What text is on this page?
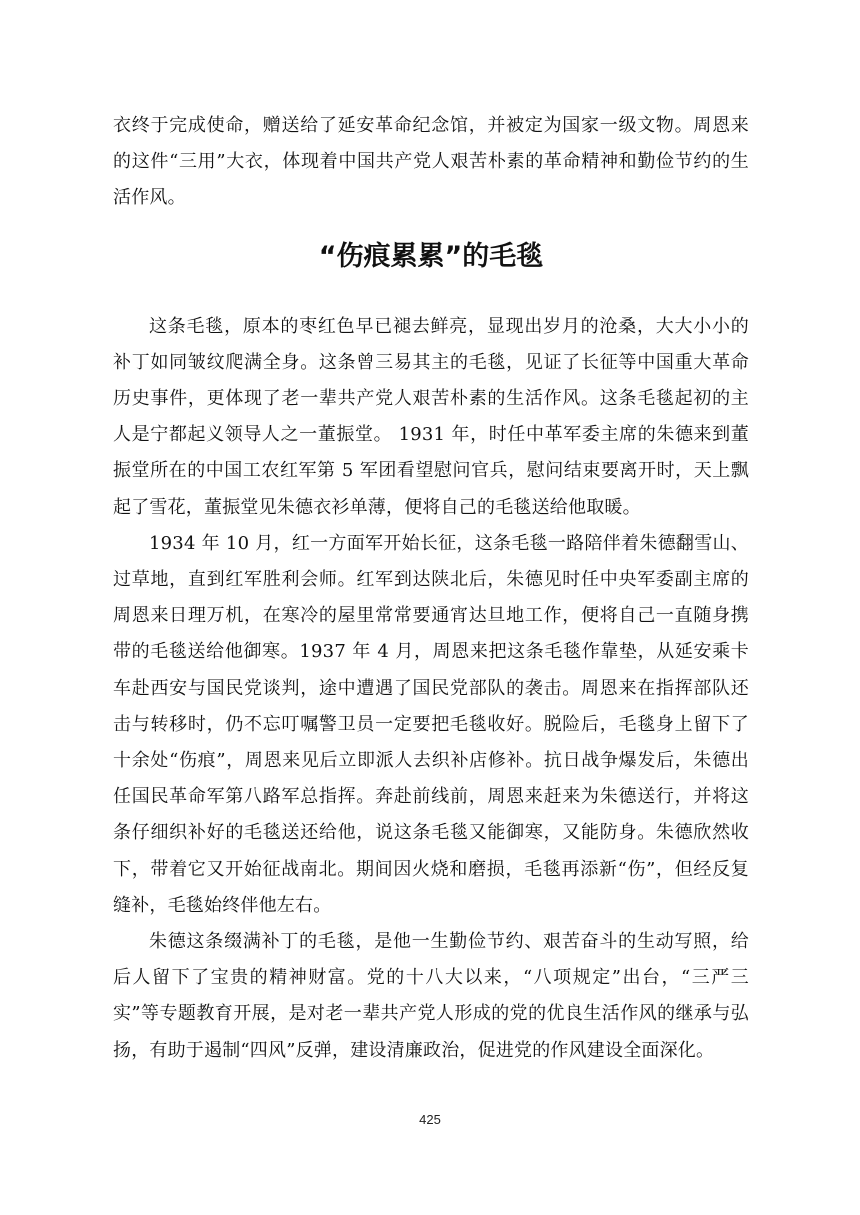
衣终于完成使命，赠送给了延安革命纪念馆，并被定为国家一级文物。周恩来的这件“三用”大衣，体现着中国共产党人艰苦朴素的革命精神和勤俭节约的生活作风。

“伤痕累累”的毛毯

这条毛毯，原本的枣红色早已褪去鲜亮，显现出岁月的沧桑，大大小小的补丁如同皱纹爬满全身。这条曾三易其主的毛毯，见证了长征等中国重大革命历史事件，更体现了老一辈共产党人艰苦朴素的生活作风。这条毛毯起初的主人是宁都起义领导人之一董振堂。 1931 年，时任中革军委主席的朱德来到董振堂所在的中国工农红军第 5 军团看望慰问官兵，慰问结束要离开时，天上飘起了雪花，董振堂见朱德衣衫单薄，便将自己的毛毯送给他取暖。

1934 年 10 月，红一方面军开始长征，这条毛毯一路陪伴着朱德翻雪山、过草地，直到红军胜利会师。红军到达陕北后，朱德见时任中央军委副主席的周恩来日理万机，在寒冷的屋里常常要通宵达旦地工作，便将自己一直随身携带的毛毯送给他御寒。1937 年 4 月，周恩来把这条毛毯作靠垫，从延安乘卡车赴西安与国民党谈判，途中遭遇了国民党部队的袭击。周恩来在指挥部队还击与转移时，仍不忘叮嘱警卫员一定要把毛毯收好。脱险后，毛毯身上留下了十余处“伤痕”，周恩来见后立即派人去织补店修补。抗日战争爆发后，朱德出任国民革命军第八路军总指挥。奔赴前线前，周恩来赶来为朱德送行，并将这条仔细织补好的毛毯送还给他，说这条毛毯又能御寒，又能防身。朱德欣然收下，带着它又开始征战南北。期间因火烧和磨损，毛毯再添新“伤”，但经反复缝补，毛毯始终伴他左右。

朱德这条缀满补丁的毛毯，是他一生勤俭节约、艰苦奋斗的生动写照，给后人留下了宝贵的精神财富。党的十八大以来，“八项规定”出台，“三严三实”等专题教育开展，是对老一辈共产党人形成的党的优良生活作风的继承与弘扬，有助于遏制“四风”反弹，建设清廉政治，促进党的作风建设全面深化。

425
